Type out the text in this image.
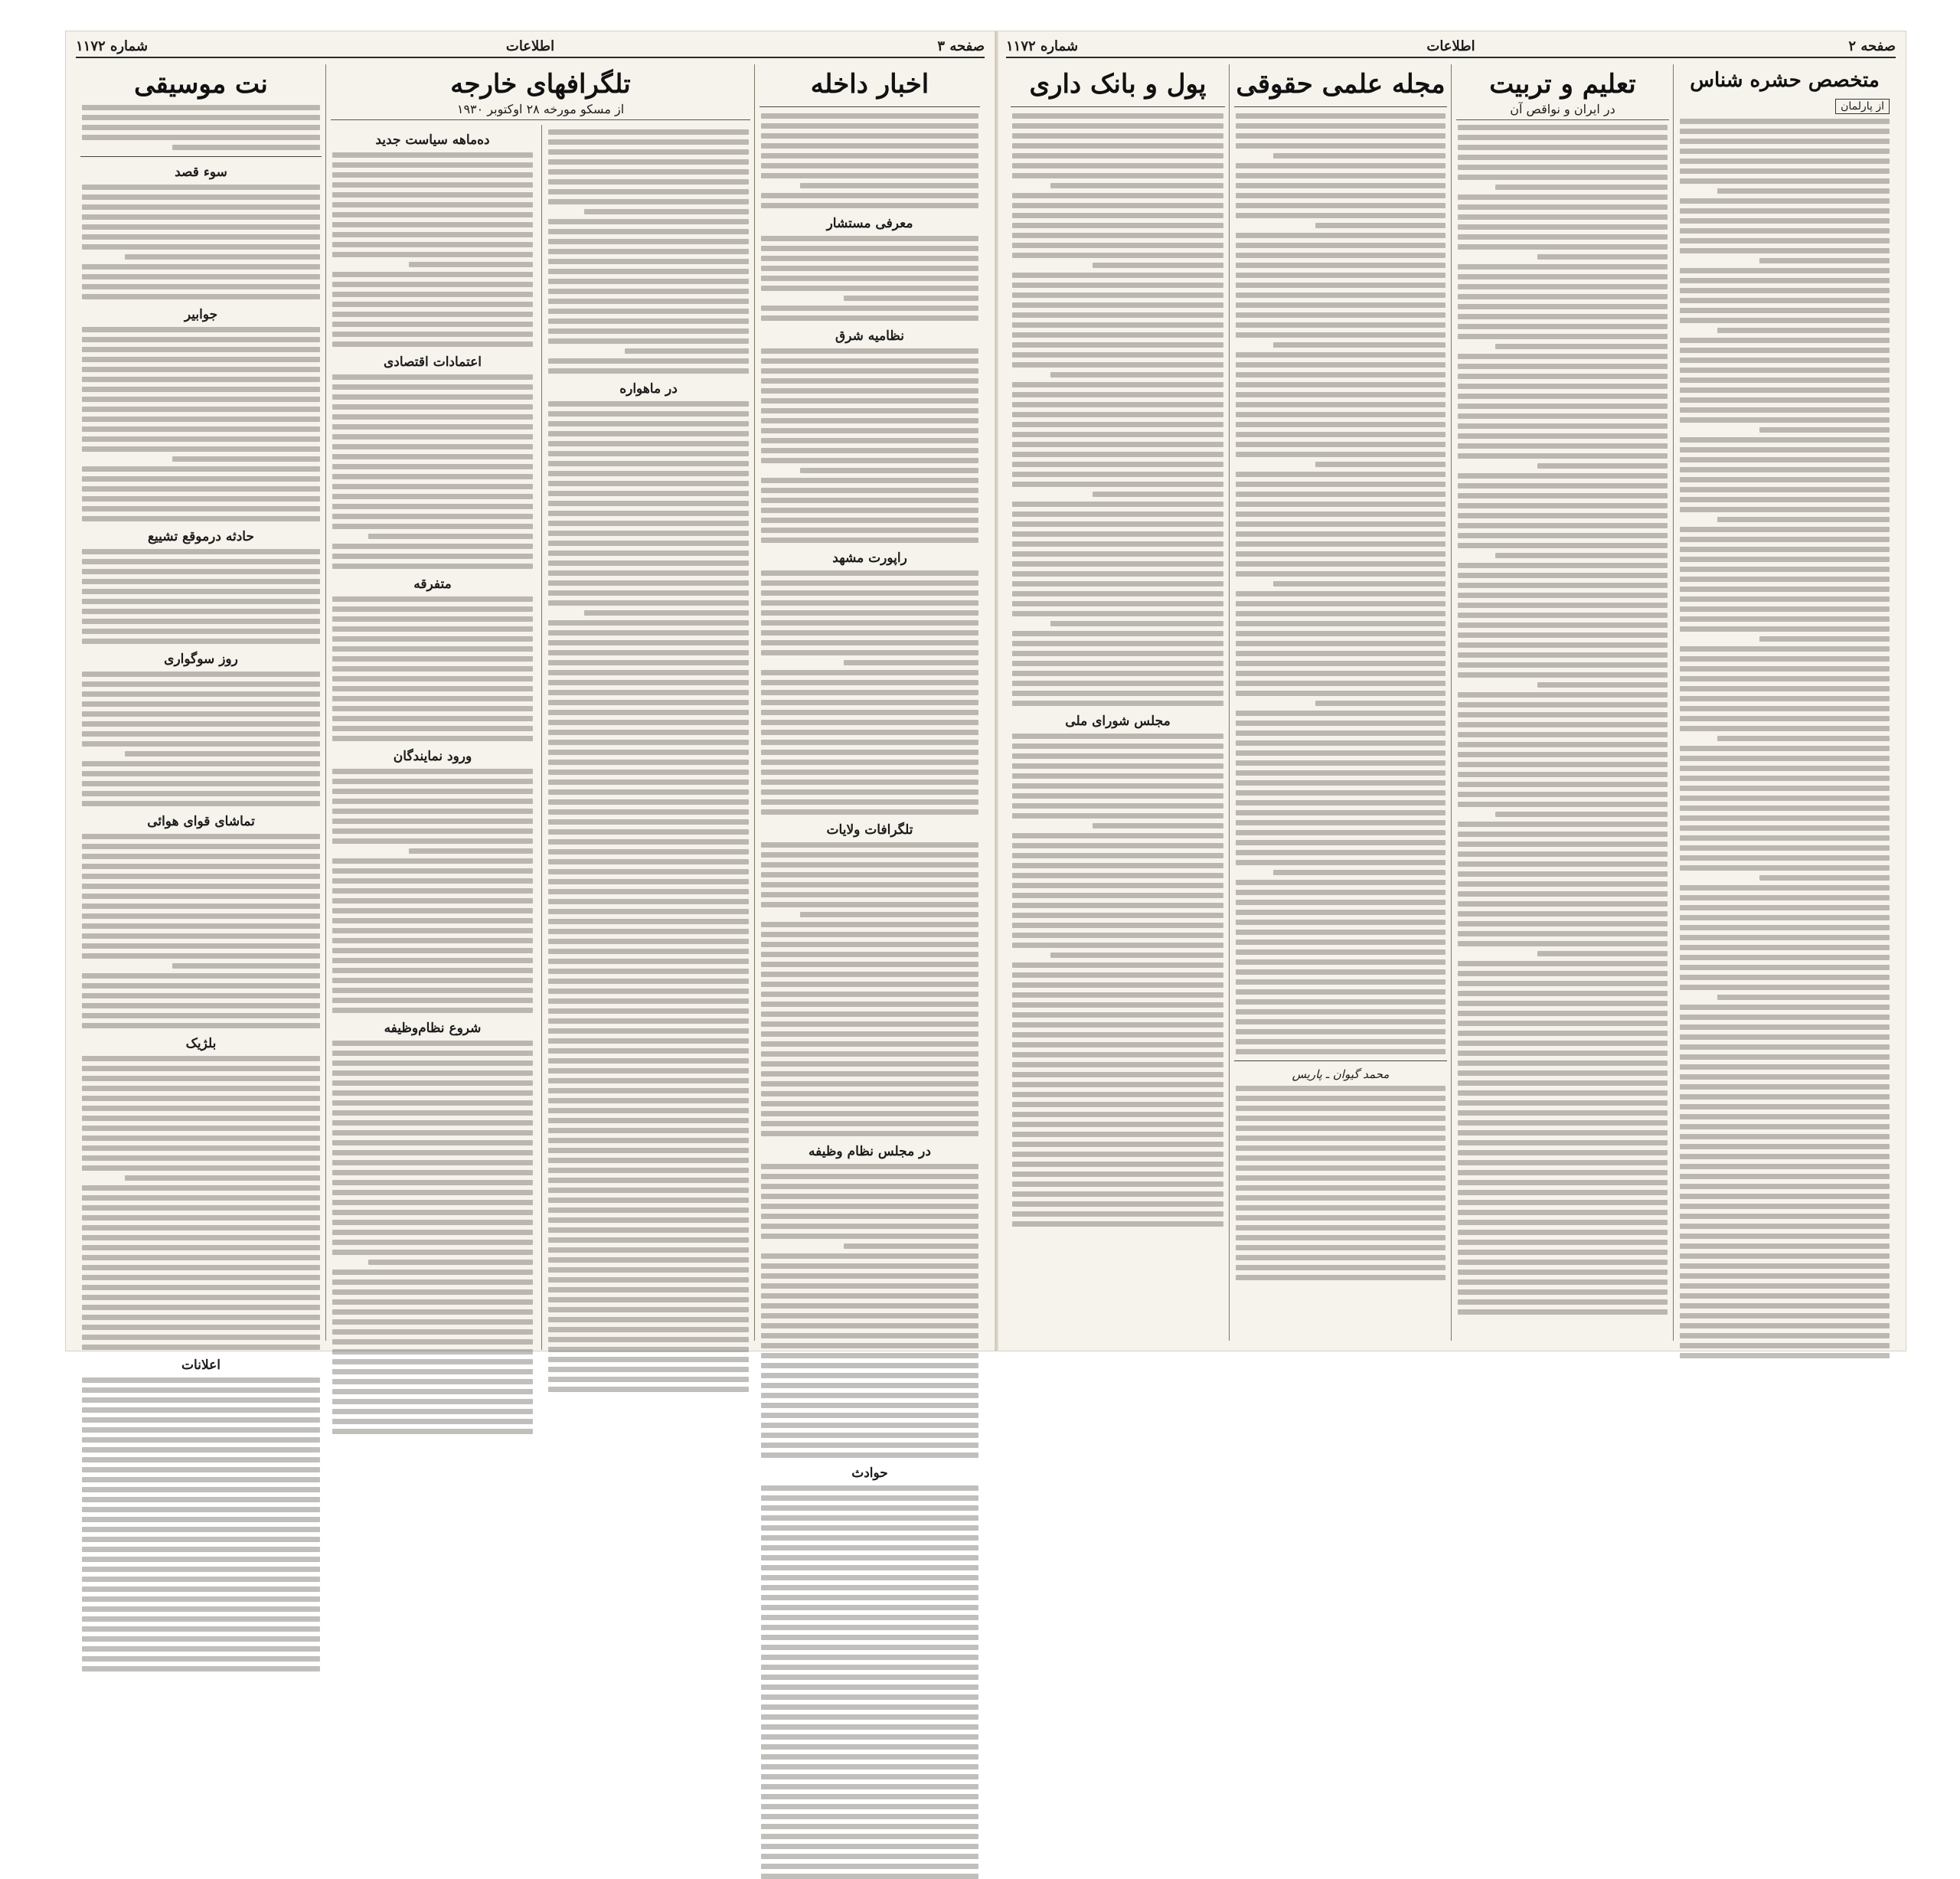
صفحه ۲
اطلاعات
شماره ۱۱۷۲
متخصص حشره شناس
از پارلمان
تعلیم و تربیت
در ایران و نواقص آن
مجله علمی حقوقی
محمد گیوان ـ پاریس
پول و بانک داری
مجلس شورای ملی
صفحه ۳
اطلاعات
شماره ۱۱۷۲
اخبار داخله
معرفی مستشار
نظامیه شرق
راپورت مشهد
تلگرافات ولایات
در مجلس نظام وظیفه
حوادث
تلگرافهای خارجه
از مسکو مورخه ۲۸ اوکتوبر ۱۹۳۰
در ماهواره
ده‌ماهه سیاست جدید
اعتمادات اقتصادی
متفرقه
ورود نمایندگان
شروع نظام‌وظیفه
نت موسیقی
سوء قصد
جوابیر
حادثه درموقع تشییع
روز سوگواری
تماشای قوای هوائی
بلژیک
اعلانات
